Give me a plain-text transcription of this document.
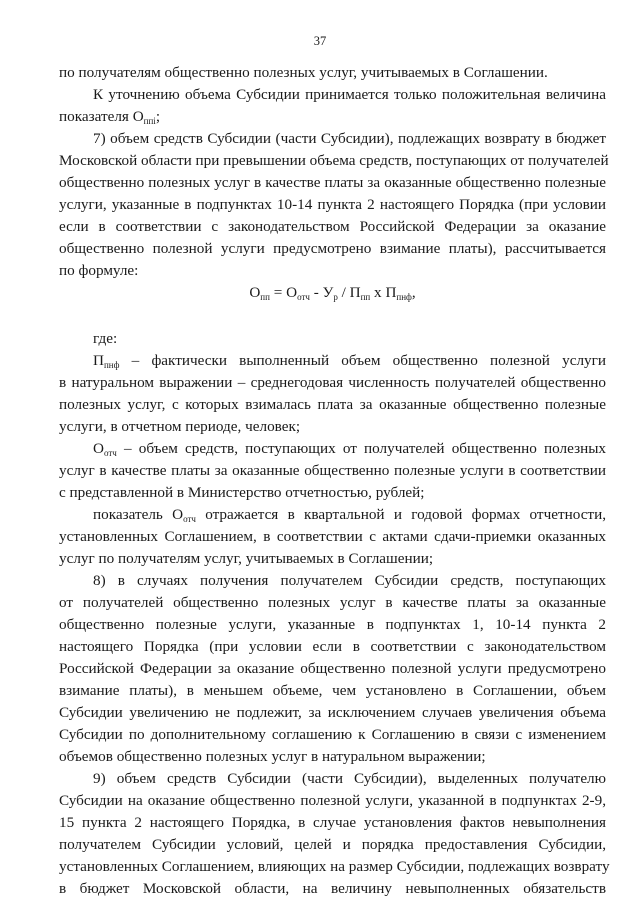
37
по получателям общественно полезных услуг, учитываемых в Соглашении.
К уточнению объема Субсидии принимается только положительная величина
показателя $О_{ппi}$;
7) объем средств Субсидии (части Субсидии), подлежащих возврату в бюджет
Московской области при превышении объема средств, поступающих от получателей
общественно полезных услуг в качестве платы за оказанные общественно полезные
услуги, указанные в подпунктах 10-14 пункта 2 настоящего Порядка (при условии
если в соответствии с законодательством Российской Федерации за оказание
общественно полезной услуги предусмотрено взимание платы), рассчитывается
по формуле:
$О_{пп} = О_{отч} - У_р / П_{пп}$ х $П_{пнф}$,
где:
$П_{пнф}$ – фактически выполненный объем общественно полезной услуги
в натуральном выражении – среднегодовая численность получателей общественно
полезных услуг, с которых взималась плата за оказанные общественно полезные
услуги, в отчетном периоде, человек;
$О_{отч}$ – объем средств, поступающих от получателей общественно полезных
услуг в качестве платы за оказанные общественно полезные услуги в соответствии
с представленной в Министерство отчетностью, рублей;
показатель $О_{отч}$ отражается в квартальной и годовой формах отчетности,
установленных Соглашением, в соответствии с актами сдачи-приемки оказанных
услуг по получателям услуг, учитываемых в Соглашении;
8) в случаях получения получателем Субсидии средств, поступающих
от получателей общественно полезных услуг в качестве платы за оказанные
общественно полезные услуги, указанные в подпунктах 1, 10-14 пункта 2
настоящего Порядка (при условии если в соответствии с законодательством
Российской Федерации за оказание общественно полезной услуги предусмотрено
взимание платы), в меньшем объеме, чем установлено в Соглашении, объем
Субсидии увеличению не подлежит, за исключением случаев увеличения объема
Субсидии по дополнительному соглашению к Соглашению в связи с изменением
объемов общественно полезных услуг в натуральном выражении;
9) объем средств Субсидии (части Субсидии), выделенных получателю
Субсидии на оказание общественно полезной услуги, указанной в подпунктах 2-9,
15 пункта 2 настоящего Порядка, в случае установления фактов невыполнения
получателем Субсидии условий, целей и порядка предоставления Субсидии,
установленных Соглашением, влияющих на размер Субсидии, подлежащих возврату
в бюджет Московской области, на величину невыполненных обязательств
